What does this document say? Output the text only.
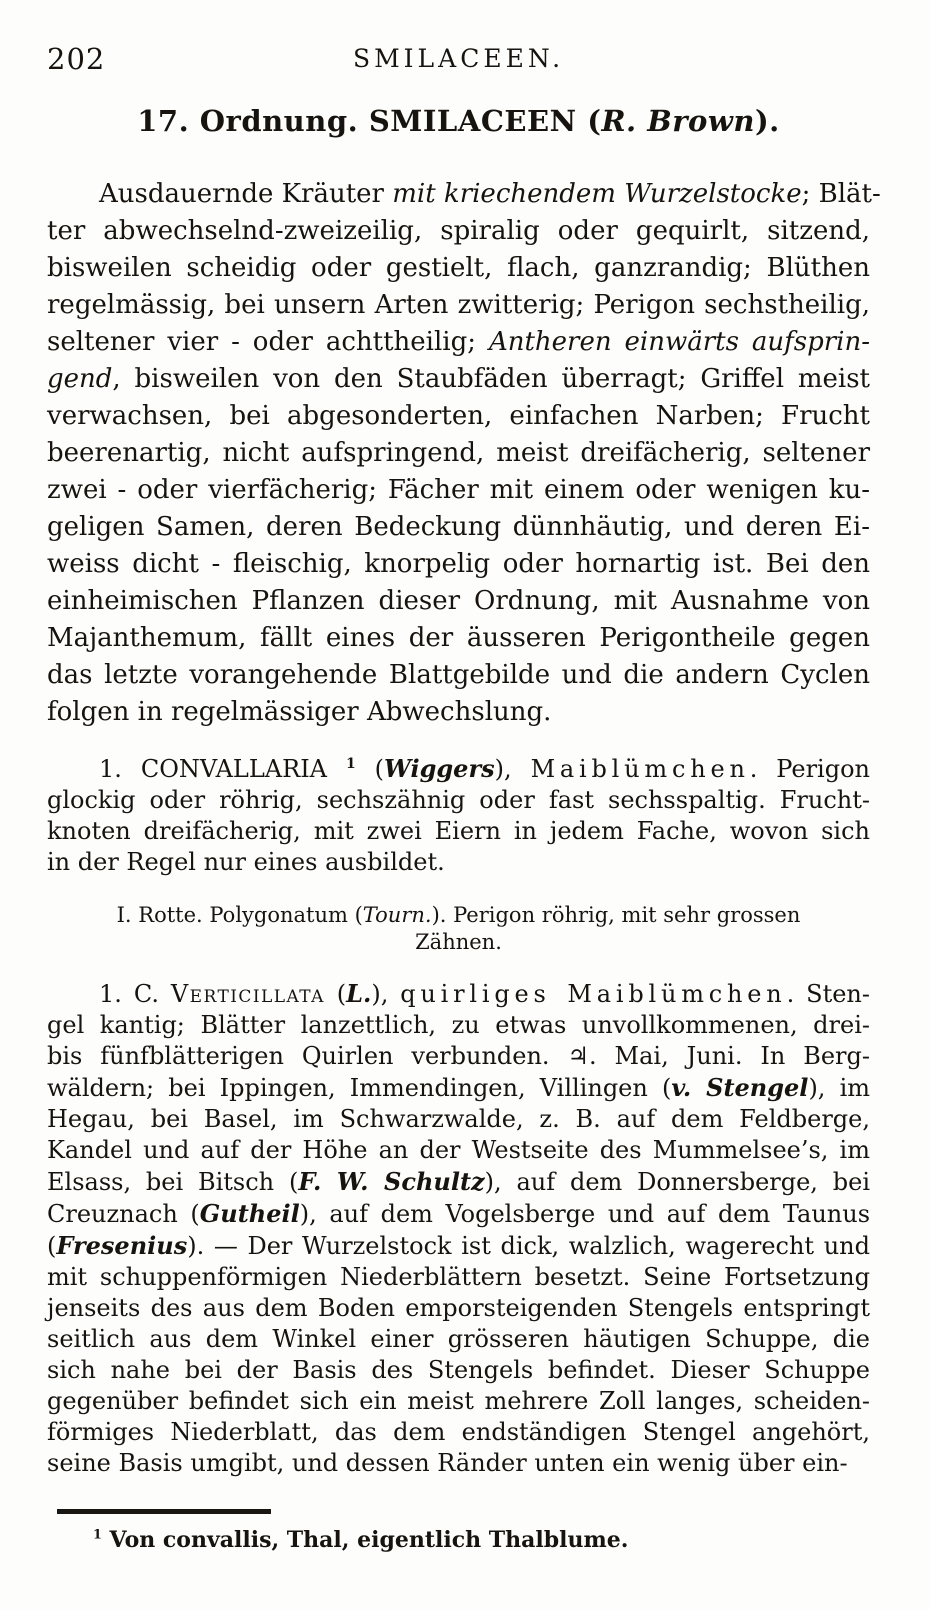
202	SMILACEEN.
17. Ordnung. SMILACEEN (R. Brown).
Ausdauernde Kräuter mit kriechendem Wurzelstocke; Blät-
ter abwechselnd-zweizeilig, spiralig oder gequirlt, sitzend,
bisweilen scheidig oder gestielt, flach, ganzrandig; Blüthen
regelmässig, bei unsern Arten zwitterig; Perigon sechstheilig,
seltener vier - oder achttheilig; Antheren einwärts aufsprin-
gend, bisweilen von den Staubfäden überragt; Griffel meist
verwachsen, bei abgesonderten, einfachen Narben; Frucht
beerenartig, nicht aufspringend, meist dreifächerig, seltener
zwei - oder vierfächerig; Fächer mit einem oder wenigen ku-
geligen Samen, deren Bedeckung dünnhäutig, und deren Ei-
weiss dicht - fleischig, knorpelig oder hornartig ist. Bei den
einheimischen Pflanzen dieser Ordnung, mit Ausnahme von
Majanthemum, fällt eines der äusseren Perigontheile gegen
das letzte vorangehende Blattgebilde und die andern Cyclen
folgen in regelmässiger Abwechslung.
1. CONVALLARIA $^1$ (Wiggers), Maiblümchen. Perigon
glockig oder röhrig, sechszähnig oder fast sechsspaltig. Frucht-
knoten dreifächerig, mit zwei Eiern in jedem Fache, wovon sich
in der Regel nur eines ausbildet.
I. Rotte. Polygonatum (Tourn.). Perigon röhrig, mit sehr grossen
Zähnen.
1. C. Verticillata (L.), quirliges Maiblümchen. Sten-
gel kantig; Blätter lanzettlich, zu etwas unvollkommenen, drei-
bis fünfblätterigen Quirlen verbunden. ♃. Mai, Juni. In Berg-
wäldern; bei Ippingen, Immendingen, Villingen (v. Stengel), im
Hegau, bei Basel, im Schwarzwalde, z. B. auf dem Feldberge,
Kandel und auf der Höhe an der Westseite des Mummelsee’s, im
Elsass, bei Bitsch (F. W. Schultz), auf dem Donnersberge, bei
Creuznach (Gutheil), auf dem Vogelsberge und auf dem Taunus
(Fresenius). — Der Wurzelstock ist dick, walzlich, wagerecht und
mit schuppenförmigen Niederblättern besetzt. Seine Fortsetzung
jenseits des aus dem Boden emporsteigenden Stengels entspringt
seitlich aus dem Winkel einer grösseren häutigen Schuppe, die
sich nahe bei der Basis des Stengels befindet. Dieser Schuppe
gegenüber befindet sich ein meist mehrere Zoll langes, scheiden-
förmiges Niederblatt, das dem endständigen Stengel angehört,
seine Basis umgibt, und dessen Ränder unten ein wenig über ein-
$^1$ Von convallis, Thal, eigentlich Thalblume.
